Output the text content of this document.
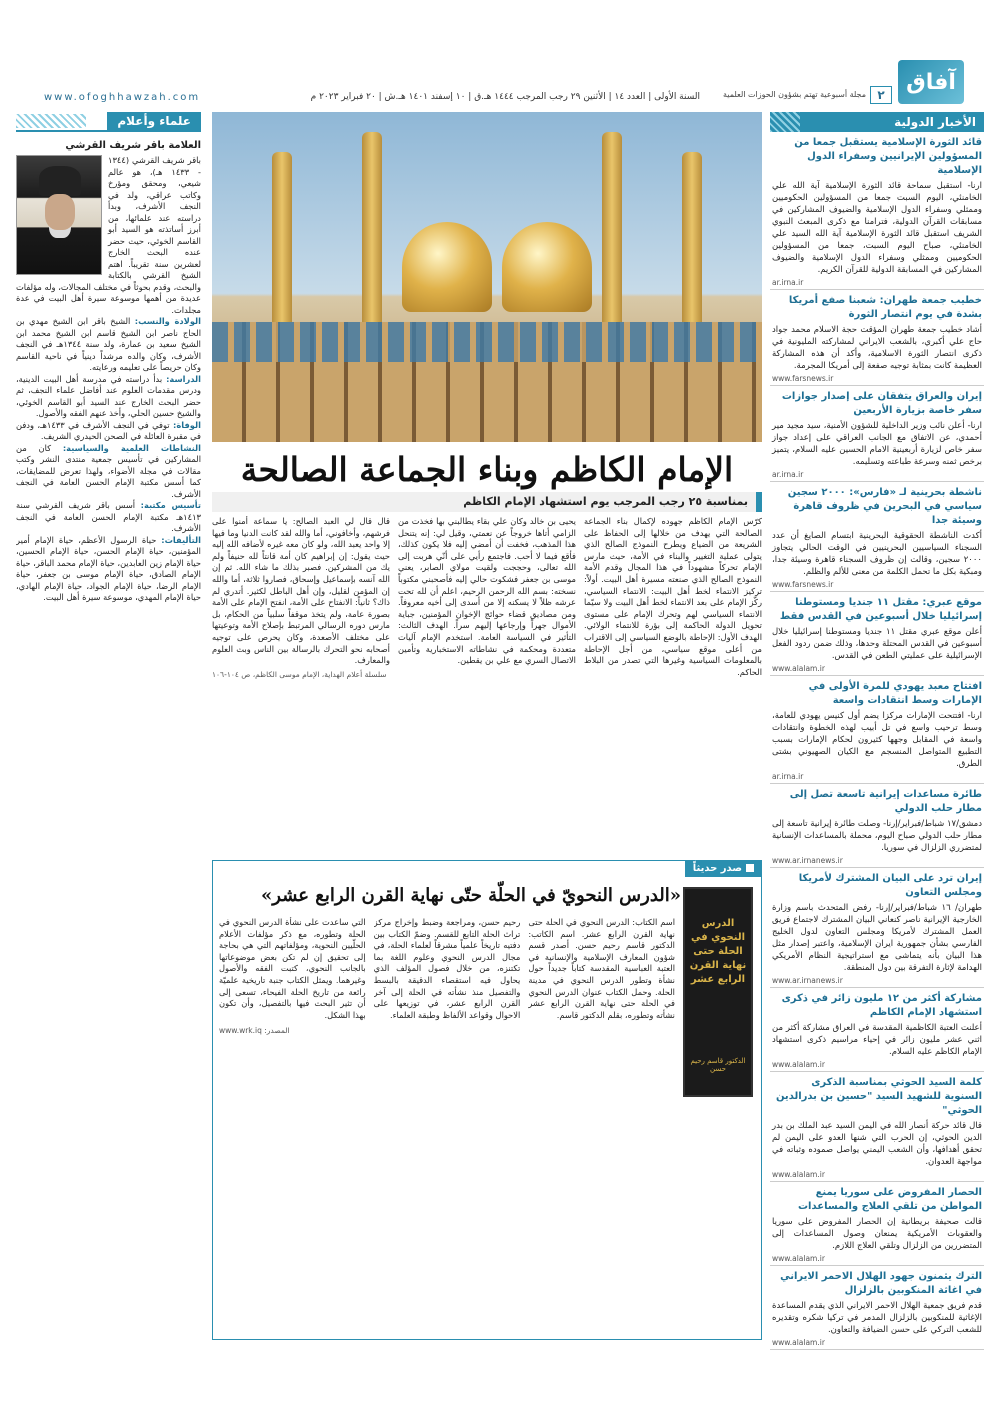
آفاق
٢
مجلة أسبوعية تهتم بشؤون الحوزات العلمية
السنة الأولى | العدد ١٤ | الأثنين ٢٩ رجب المرجب ١٤٤٤ هـ.ق | ١٠ إسفند ١٤٠١ هـ.ش | ٢٠ فبراير ٢٠٢٣ م
www.ofoghhawzah.com
الأخبار الدولية
قائد الثورة الإسلامية يستقبل جمعا من المسؤولين الإيرانيين وسفراء الدول الإسلامية
ارنا- استقبل سماحة قائد الثورة الإسلامية آية الله علي الخامنئي، اليوم السبت جمعا من المسؤولين الحكوميين وممثلي وسفراء الدول الإسلامية والضيوف المشاركين في مسابقات القرآن الدولية، فترامنا مع ذكرى المبعث النبوي الشريف استقبل قائد الثورة الإسلامية آية الله السيد علي الخامنئي، صباح اليوم السبت، جمعا من المسؤولين الحكوميين وممثلي وسفراء الدول الإسلامية والضيوف المشاركين في المسابقة الدولية للقرآن الكريم.
ar.irna.ir
خطيب جمعة طهران: شعبنا صفع أمريكا بشدة في يوم انتصار الثورة
أشاد خطيب جمعة طهران المؤقت حجة الاسلام محمد جواد حاج علي أكبري، بالشعب الايراني لمشاركته المليونية في ذكرى انتصار الثورة الاسلامية، وأكد أن هذه المشاركة العظيمة كانت بمثابة توجيه صفعة إلى أمريكا المجرمة.
www.farsnews.ir
إيران والعراق يتفقان على إصدار جوازات سفر خاصة بزيارة الأربعين
ارنا- أعلن نائب وزير الداخلية للشؤون الأمنية، سيد مجيد مير أحمدي، عن الاتفاق مع الجانب العراقي على إعداد جواز سفر خاص لزيارة أربعينية الامام الحسين عليه السلام، يتميز برخص ثمنه وسرعة طباعته وتسليمه.
ar.irna.ir
ناشطة بحرينية لـ «فارس»: ٢٠٠٠ سجين سياسي في البحرين في ظروف قاهرة وسيئة جدا
أكدت الناشطة الحقوقية البحرينية ابتسام الصايغ أن عدد السجناء السياسيين البحرينيين في الوقت الحالي يتجاوز ٢٠٠٠ سجين، وقالت إن ظروف السجناء قاهرة وسيئة جدا، ومبكية بكل ما تحمل الكلمة من معنى للألم والظلم.
www.farsnews.ir
موقع عبري: مقتل ١١ جنديا ومستوطنا إسرائيليا خلال أسبوعين في القدس فقط
أعلن موقع عبري مقتل ١١ جنديا ومستوطنا إسرائيليا خلال أسبوعين في القدس المحتلة وحدها، وذلك ضمن ردود الفعل الإسرائيلية على عمليتي الطعن في القدس.
www.alalam.ir
افتتاح معبد يهودي للمرة الأولى في الإمارات وسط انتقادات واسعة
ارنا- افتتحت الإمارات مركزا يضم أول كنيس يهودي للعامة، وسط ترحيب واسع في تل أبيب لهذه الخطوة وانتقادات واسعة في المقابل وجهها كثيرون لحكام الإمارات بسبب التطبيع المتواصل المنسجم مع الكيان الصهيوني بشتى الطرق.
ar.irna.ir
طائرة مساعدات إيرانية تاسعة تصل إلى مطار حلب الدولي
دمشق/١٧ شباط/فبراير/إرنا- وصلت طائرة إيرانية تاسعة إلى مطار حلب الدولي صباح اليوم، محملة بالمساعدات الإنسانية لمتضرري الزلزال في سوريا.
www.ar.irnanews.ir
إيران ترد على البيان المشترك لأمريكا ومجلس التعاون
طهران/ ١٦ شباط/فبراير/إرنا- رفض المتحدث باسم وزارة الخارجية الإيرانية ناصر كنعاني البيان المشترك لاجتماع فريق العمل المشترك لأمريكا ومجلس التعاون لدول الخليج الفارسي بشأن جمهورية ايران الإسلامية، واعتبر إصدار مثل هذا البيان بأنه يتماشى مع استراتيجية النظام الأمريكي الهدامة لإثارة التفرقة بين دول المنطقة.
www.ar.irnanews.ir
مشاركة أكثر من ١٢ مليون زائر في ذكرى استشهاد الإمام الكاظم
أعلنت العتبة الكاظمية المقدسة في العراق مشاركة أكثر من اثني عشر مليون زائر في إحياء مراسيم ذكرى استشهاد الإمام الكاظم عليه السلام.
www.alalam.ir
كلمة السيد الحوثي بمناسبة الذكرى السنوية للشهيد السيد "حسين بن بدرالدين الحوثي"
قال قائد حركة أنصار الله في اليمن السيد عبد الملك بن بدر الدين الحوثي، إن الحرب التي شنها العدو على اليمن لم تحقق أهدافها، وأن الشعب اليمني يواصل صموده وثباته في مواجهة العدوان.
www.alalam.ir
الحصار المفروض على سوريا يمنع المواطن من تلقي العلاج والمساعدات
قالت صحيفة بريطانية إن الحصار المفروض على سوريا والعقوبات الأمريكية يمنعان وصول المساعدات إلى المتضررين من الزلزال وتلقي العلاج اللازم.
www.alalam.ir
الترك يثمنون جهود الهلال الاحمر الايراني في اغاثة المنكوبين بالزلزال
قدم فريق جمعية الهلال الاحمر الايراني الذي يقدم المساعدة الإغاثية للمنكوبين بالزلزال المدمر في تركيا شكره وتقديره للشعب التركي على حسن الضيافة والتعاون.
www.alalam.ir
الإمام الكاظم وبناء الجماعة الصالحة
بمناسبة ٢٥ رجب المرجب يوم استشهاد الإمام الكاظم
كرّس الإمام الكاظم جهوده لإكمال بناء الجماعة الصالحة التي يهدف من خلالها إلى الحفاظ على الشريعة من الضياع ويطرح النموذج الصالح الذي يتولى عملية التغيير والبناء في الأمة، حيث مارس الإمام تحركاً مشهوداً في هذا المجال وقدم الأمة النموذج الصالح الذي صنعته مسيرة أهل البيت. أولاً: تركيز الانتماء لخط أهل البيت: الانتماء السياسي، ركّز الإمام على بعد الانتماء لخط أهل البيت ولا سيّما الانتماء السياسي لهم وتحرك الإمام على مستوى تحويل الدولة الحاكمة إلى بؤرة للانتماء الولائي. الهدف الأول: الإحاطة بالوضع السياسي إلى الاقتراب من أعلى موقع سياسي، من أجل الإحاطة بالمعلومات السياسية وغيرها التي تصدر من البلاط الحاكم.
يحيى بن خالد وكان علي بقاء يطالبني بها فخذت من الزامي أتاها خروجاً عن نعمتي، وقيل لي: إنه يتنحل هذا المذهب، فخفت أن أمضي إليه فلا يكون كذلك، فأقع فيما لا أحب. فاجتمع رأيي على أنّي هربت إلى الله تعالى، وحججت ولقيت مولاي الصابر، يعني موسى بن جعفر فشكوت حالي إليه فأصحبني مكتوباً نسخته: بسم الله الرحمن الرحيم، اعلم أن لله تحت عرشه ظلاً لا يسكنه إلا من أسدى إلى أخيه معروفاً. ومن مصاديق قضاء حوائج الإخوان المؤمنين، جباية الأموال جهراً وإرجاعها إليهم سراً. الهدف الثالث: التأثير في السياسة العامة. استخدم الإمام آليات متعددة ومحكمة في نشاطاته الاستخبارية وتأمين الاتصال السري مع علي بن يقطين.
قال قال لي العبد الصالح: يا سماعة أمنوا على فرشهم، وأخافوني، أما والله لقد كانت الدنيا وما فيها إلا واحد يعبد الله، ولو كان معه غيره لأضافه الله إليه حيث يقول: إن إبراهيم كان أمة قانتاً لله حنيفاً ولم يك من المشركين. فصبر بذلك ما شاء الله. ثم إن الله آنسه بإسماعيل وإسحاق، فصاروا ثلاثة، أما والله إن المؤمن لقليل، وإن أهل الباطل لكثير. أتدري لم ذاك؟ ثانياً: الانفتاح على الأمة، انفتح الإمام على الأمة بصورة عامة، ولم يتخذ موقفاً سلبياً من الحكام، بل مارس دوره الرسالي المرتبط بإصلاح الأمة وتوعيتها على مختلف الأصعدة، وكان يحرص على توجيه أصحابه نحو التحرك بالرسالة بين الناس وبث العلوم والمعارف.
سلسلة أعلام الهداية، الإمام موسى الكاظم، ص ١٠٤-١٠٦
صدر حديثاً
«الدرس النحويّ في الحلّة حتّى نهاية القرن الرابع عشر»
الدرس النحوي في الحلة حتى نهاية القرن الرابع عشر
الدكتور قاسم رحيم حسن
اسم الكتاب: الدرس النحوي في الحلة حتى نهاية القرن الرابع عشر. اسم الكاتب: الدكتور قاسم رحيم حسن. أصدر قسم شؤون المعارف الإسلامية والإنسانية في العتبة العباسية المقدسة كتاباً جديداً حول نشأة وتطور الدرس النحوي في مدينة الحلة. وحمل الكتاب عنوان الدرس النحوي في الحلة حتى نهاية القرن الرابع عشر نشأته وتطوره، بقلم الدكتور قاسم.
رحيم حسن، ومراجعة وضبط وإخراج مركز تراث الحلة التابع للقسم. وضمّ الكتاب بين دفتيه تاريخاً علمياً مشرقاً لعلماء الحلة، في مجال الدرس النحوي وعلوم اللغة بما تكتنزه، من خلال فصول المؤلف الذي يحاول فيه استقصاء الدقيقة بالبسط والتفصيل منذ نشأته في الحلة إلى آخر القرن الرابع عشر، في توزيعها على الاحوال وقواعد الألفاظ وطبقة العلماء.
التي ساعدت على نشأة الدرس النحوي في الحلة وتطوره، مع ذكر مؤلفات الأعلام الحلّيين النحوية، ومؤلفاتهم التي هي بحاجة إلى تحقيق إن لم تكن بعض موضوعاتها بالجانب النحوي، كتبت الفقه والأصول وغيرهما. ويمثل الكتاب جنبة تاريخية علميّة رائعة من تاريخ الحلة الفيحاء، تسعى إلى أن تثير البحث فيها بالتفصيل، وأن تكون بهذا الشكل.
www.wrk.iq :المصدر
علماء وأعلام
العلامة باقر شريف القرشي
باقر شريف القرشي (١٣٤٤ - ١٤٣٣ هـ)، هو عالم شيعي، ومحقق ومؤرخ وكاتب عراقي، ولد في النجف الأشرف، وبدأ دراسته عند علمائها، من أبرز أساتذته هو السيد أبو القاسم الخوئي، حيث حضر عنده البحث الخارج لعشرين سنة تقريباً. اهتم الشيخ القرشي بالكتابة والبحث، وقدم بحوثاً في مختلف المجالات، وله مؤلفات عديدة من أهمها موسوعة سيرة أهل البيت في عدة مجلدات.
الولادة والنسب: الشيخ باقر ابن الشيخ مهدي بن الحاج ناصر ابن الشيخ قاسم ابن الشيخ محمد ابن الشيخ سعيد بن عمارة، ولد سنة ١٣٤٤هـ في النجف الأشرف، وكان والده مرشداً دينياً في ناحية القاسم وكان حريصاً على تعليمه ورعايته.
الدراسة: بدأ دراسته في مدرسة أهل البيت الدينية، ودرس مقدمات العلوم عند أفاضل علماء النجف، ثم حضر البحث الخارج عند السيد أبو القاسم الخوئي، والشيخ حسين الحلي، وأخذ عنهم الفقه والأصول.
الوفاة: توفي في النجف الأشرف في ١٤٣٣هـ، ودفن في مقبرة العائلة في الصحن الحيدري الشريف.
النشاطات العلمية والسياسية: كان من المشاركين في تأسيس جمعية منتدى النشر وكتب مقالات في مجلة الأضواء، ولهذا تعرض للمضايقات، كما أسس مكتبة الإمام الحسن العامة في النجف الأشرف.
تأسيس مكتبة: أسس باقر شريف القرشي سنة ١٤١٣هـ مكتبة الإمام الحسن العامة في النجف الأشرف.
التأليفات: حياة الرسول الأعظم، حياة الإمام أمير المؤمنين، حياة الإمام الحسن، حياة الإمام الحسين، حياة الإمام زين العابدين، حياة الإمام محمد الباقر، حياة الإمام الصادق، حياة الإمام موسى بن جعفر، حياة الإمام الرضا، حياة الإمام الجواد، حياة الإمام الهادي، حياة الإمام المهدي، موسوعة سيرة أهل البيت.
